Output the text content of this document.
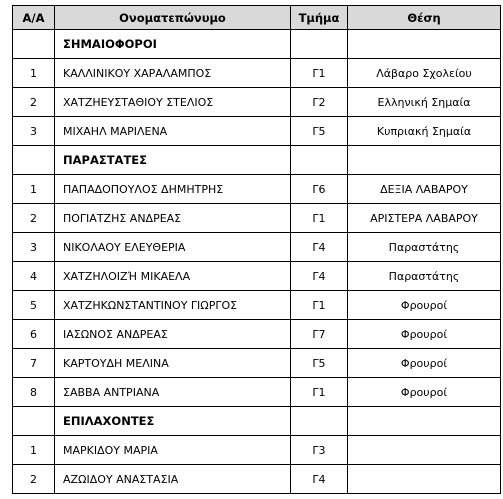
Α/Α	Ονοματεπώνυμο	Τμήμα	Θέση
	ΣΗΜΑΙΟΦΟΡΟΙ		
1	ΚΑΛΛΙΝΙΚΟΥ ΧΑΡΑΛΑΜΠΟΣ	Γ1	Λάβαρο Σχολείου
2	ΧΑΤΖΗΕΥΣΤΑΘΙΟΥ ΣΤΕΛΙΟΣ	Γ2	Ελληνική Σημαία
3	ΜΙΧΑΗΛ ΜΑΡΙΛΕΝΑ	Γ5	Κυπριακή Σημαία
	ΠΑΡΑΣΤΑΤΕΣ		
1	ΠΑΠΑΔΟΠΟΥΛΟΣ ΔΗΜΗΤΡΗΣ	Γ6	ΔΕΞΙΑ ΛΑΒΑΡΟΥ
2	ΠΟΓΙΑΤΖΗΣ ΑΝΔΡΕΑΣ	Γ1	ΑΡΙΣΤΕΡΑ ΛΑΒΑΡΟΥ
3	ΝΙΚΟΛΑΟΥ ΕΛΕΥΘΕΡΙΑ	Γ4	Παραστάτης
4	ΧΑΤΖΗΛΟΙΖΉ ΜΙΚΑΕΛΑ	Γ4	Παραστάτης
5	ΧΑΤΖΗΚΩΝΣΤΑΝΤΙΝΟΥ ΓΙΩΡΓΟΣ	Γ1	Φρουροί
6	ΙΑΣΩΝΟΣ ΑΝΔΡΕΑΣ	Γ7	Φρουροί
7	ΚΑΡΤΟΥΔΗ ΜΕΛΙΝΑ	Γ5	Φρουροί
8	ΣΑΒΒΑ ΑΝΤΡΙΑΝΑ	Γ1	Φρουροί
	ΕΠΙΛΑΧΟΝΤΕΣ		
1	ΜΑΡΚΙΔΟΥ ΜΑΡΙΑ	Γ3	
2	ΑΖΩΙΔΟΥ ΑΝΑΣΤΑΣΙΑ	Γ4	
